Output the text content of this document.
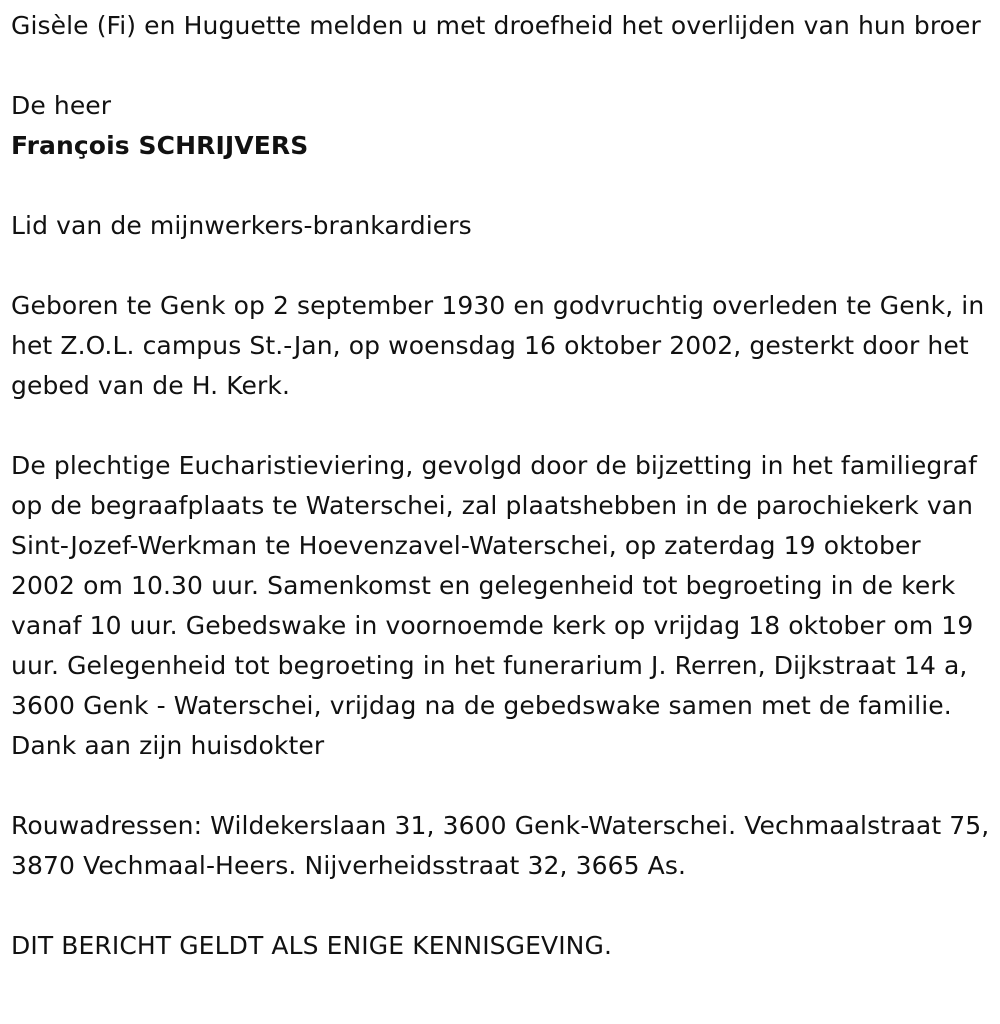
Gisèle (Fi) en Huguette melden u met droefheid het overlijden van hun broer

De heer

François SCHRIJVERS

Lid van de mijnwerkers-brankardiers

Geboren te Genk op 2 september 1930 en godvruchtig overleden te Genk, in het Z.O.L. campus St.-Jan, op woensdag 16 oktober 2002, gesterkt door het gebed van de H. Kerk.

De plechtige Eucharistieviering, gevolgd door de bijzetting in het familiegraf op de begraafplaats te Waterschei, zal plaatshebben in de parochiekerk van Sint-Jozef-Werkman te Hoevenzavel-Waterschei, op zaterdag 19 oktober 2002 om 10.30 uur. Samenkomst en gelegenheid tot begroeting in de kerk vanaf 10 uur. Gebedswake in voornoemde kerk op vrijdag 18 oktober om 19 uur. Gelegenheid tot begroeting in het funerarium J. Rerren, Dijkstraat 14 a, 3600 Genk - Waterschei, vrijdag na de gebedswake samen met de familie. Dank aan zijn huisdokter

Rouwadressen: Wildekerslaan 31, 3600 Genk-Waterschei. Vechmaalstraat 75, 3870 Vechmaal-Heers. Nijverheidsstraat 32, 3665 As.

DIT BERICHT GELDT ALS ENIGE KENNISGEVING.
